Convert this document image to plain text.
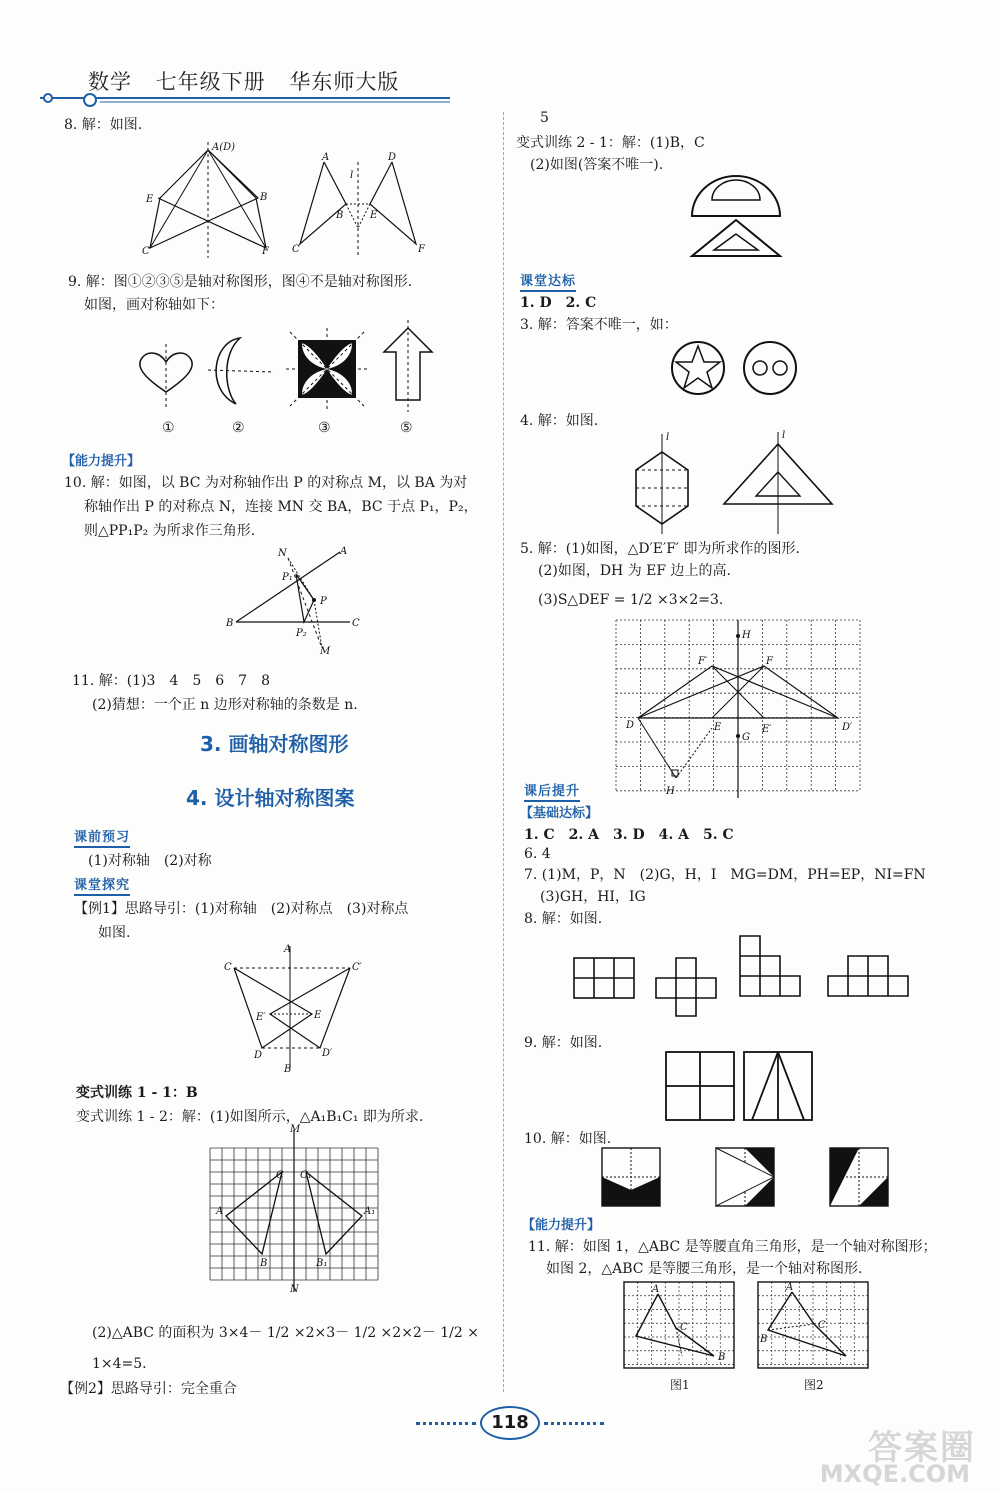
数学 七年级下册 华东师大版
8. 解：如图.
A(D)
E	B
C	F
A	D
B	E
C	F
l
9. 解：图①②③⑤是轴对称图形，图④不是轴对称图形.
如图，画对称轴如下：
①	②	③	⑤
【能力提升】
10. 解：如图，以 BC 为对称轴作出 P 的对称点 M，以 BA 为对
称轴作出 P 的对称点 N，连接 MN 交 BA，BC 于点 P₁，P₂，
则△PP₁P₂ 为所求作三角形.
N	A
P₁
P
B	C
P₂
M
11. 解：(1)3　4　5　6　7　8
(2)猜想：一个正 n 边形对称轴的条数是 n.
3. 画轴对称图形
4. 设计轴对称图案
课前预习
(1)对称轴　(2)对称
课堂探究
【例1】思路导引：(1)对称轴　(2)对称点　(3)对称点
如图.
A
C	C′
E′	E
D	D′
B
变式训练 1 - 1：B
变式训练 1 - 2：解：(1)如图所示，△A₁B₁C₁ 即为所求.
M
C C₁
A	A₁
B	B₁
N
(2)△ABC 的面积为 3×4－ 1/2 ×2×3－ 1/2 ×2×2－ 1/2 ×
1×4=5.
【例2】思路导引：完全重合
5
变式训练 2 - 1：解：(1)B，C
(2)如图(答案不唯一).
课堂达标
1. D　2. C
3. 解：答案不唯一，如：
4. 解：如图.
l	l
5. 解：(1)如图，△D′E′F′ 即为所求作的图形.
(2)如图，DH 为 EF 边上的高.
(3)S△DEF = 1/2 ×3×2=3.
H
F′	F
D	E	E′	D′
G
H
课后提升
【基础达标】
1. C　2. A　3. D　4. A　5. C
6. 4
7. (1)M，P，N　(2)G，H，I　MG=DM，PH=EP，NI=FN
(3)GH，HI，IG
8. 解：如图.
9. 解：如图.
10. 解：如图.
【能力提升】
11. 解：如图 1，△ABC 是等腰直角三角形，是一个轴对称图形；
如图 2，△ABC 是等腰三角形，是一个轴对称图形.
A
C
B
A
B
C
图1	图2
118
答案圈
MXQE.COM
